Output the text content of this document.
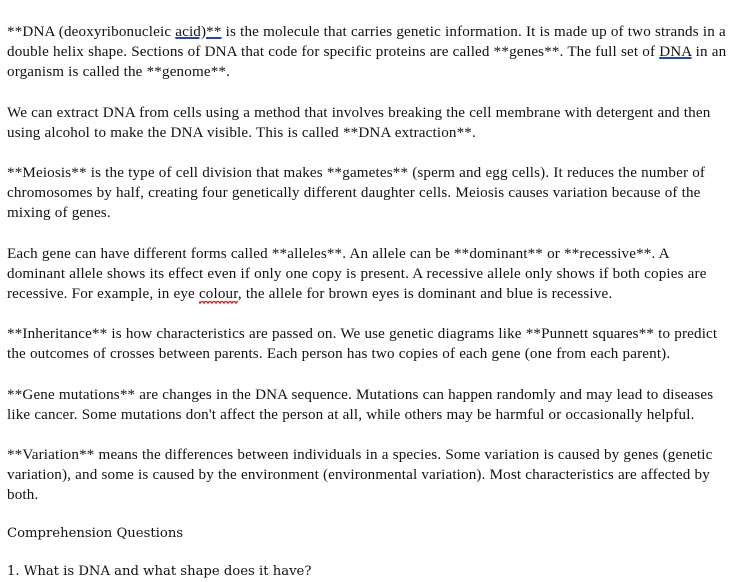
**DNA (deoxyribonucleic acid)** is the molecule that carries genetic information. It is made up of two strands in a double helix shape. Sections of DNA that code for specific proteins are called **genes**. The full set of DNA in an organism is called the **genome**.

We can extract DNA from cells using a method that involves breaking the cell membrane with detergent and then using alcohol to make the DNA visible. This is called **DNA extraction**.

**Meiosis** is the type of cell division that makes **gametes** (sperm and egg cells). It reduces the number of chromosomes by half, creating four genetically different daughter cells. Meiosis causes variation because of the mixing of genes.

Each gene can have different forms called **alleles**. An allele can be **dominant** or **recessive**. A dominant allele shows its effect even if only one copy is present. A recessive allele only shows if both copies are recessive. For example, in eye colour, the allele for brown eyes is dominant and blue is recessive.

**Inheritance** is how characteristics are passed on. We use genetic diagrams like **Punnett squares** to predict the outcomes of crosses between parents. Each person has two copies of each gene (one from each parent).

**Gene mutations** are changes in the DNA sequence. Mutations can happen randomly and may lead to diseases like cancer. Some mutations don't affect the person at all, while others may be harmful or occasionally helpful.

**Variation** means the differences between individuals in a species. Some variation is caused by genes (genetic variation), and some is caused by the environment (environmental variation). Most characteristics are affected by both.

Comprehension Questions

1. What is DNA and what shape does it have?
